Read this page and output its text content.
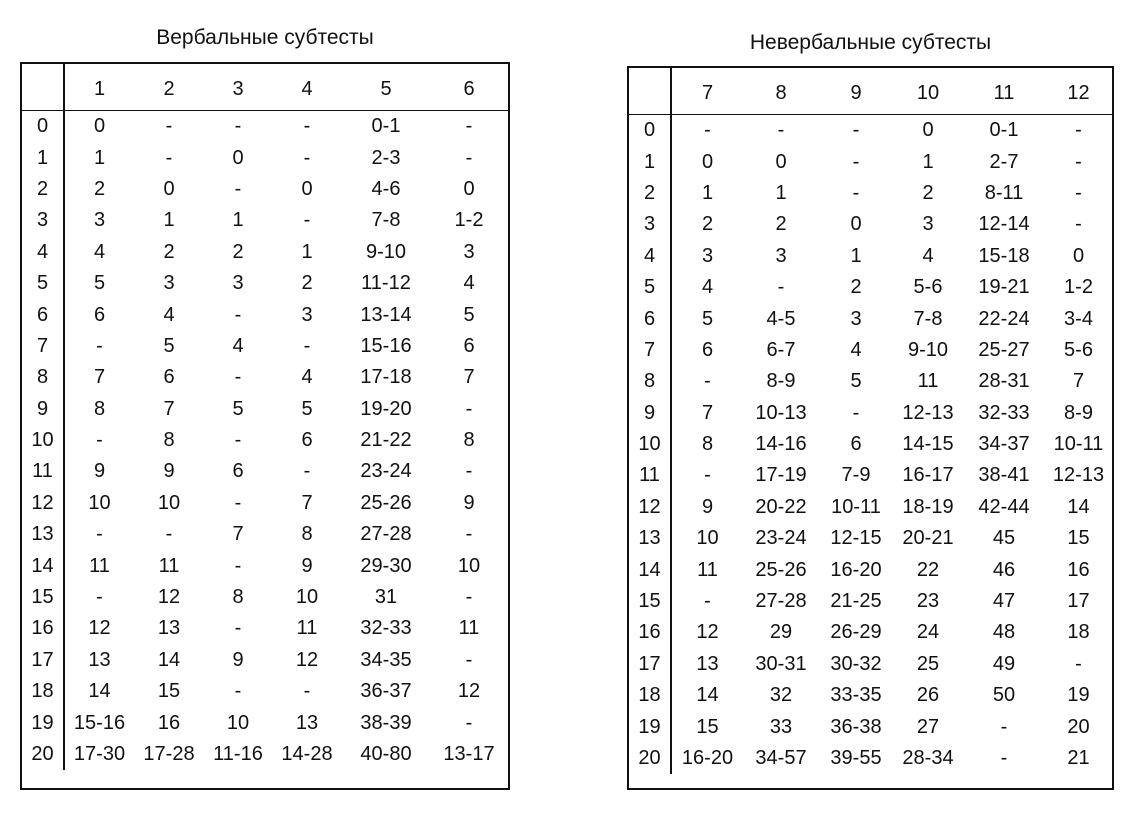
Вербальные субтесты
	1	2	3	4	5	6
0	0	-	-	-	0-1	-
1	1	-	0	-	2-3	-
2	2	0	-	0	4-6	0
3	3	1	1	-	7-8	1-2
4	4	2	2	1	9-10	3
5	5	3	3	2	11-12	4
6	6	4	-	3	13-14	5
7	-	5	4	-	15-16	6
8	7	6	-	4	17-18	7
9	8	7	5	5	19-20	-
10	-	8	-	6	21-22	8
11	9	9	6	-	23-24	-
12	10	10	-	7	25-26	9
13	-	-	7	8	27-28	-
14	11	11	-	9	29-30	10
15	-	12	8	10	31	-
16	12	13	-	11	32-33	11
17	13	14	9	12	34-35	-
18	14	15	-	-	36-37	12
19	15-16	16	10	13	38-39	-
20	17-30	17-28	11-16	14-28	40-80	13-17
Невербальные субтесты
	7	8	9	10	11	12
0	-	-	-	0	0-1	-
1	0	0	-	1	2-7	-
2	1	1	-	2	8-11	-
3	2	2	0	3	12-14	-
4	3	3	1	4	15-18	0
5	4	-	2	5-6	19-21	1-2
6	5	4-5	3	7-8	22-24	3-4
7	6	6-7	4	9-10	25-27	5-6
8	-	8-9	5	11	28-31	7
9	7	10-13	-	12-13	32-33	8-9
10	8	14-16	6	14-15	34-37	10-11
11	-	17-19	7-9	16-17	38-41	12-13
12	9	20-22	10-11	18-19	42-44	14
13	10	23-24	12-15	20-21	45	15
14	11	25-26	16-20	22	46	16
15	-	27-28	21-25	23	47	17
16	12	29	26-29	24	48	18
17	13	30-31	30-32	25	49	-
18	14	32	33-35	26	50	19
19	15	33	36-38	27	-	20
20	16-20	34-57	39-55	28-34	-	21
